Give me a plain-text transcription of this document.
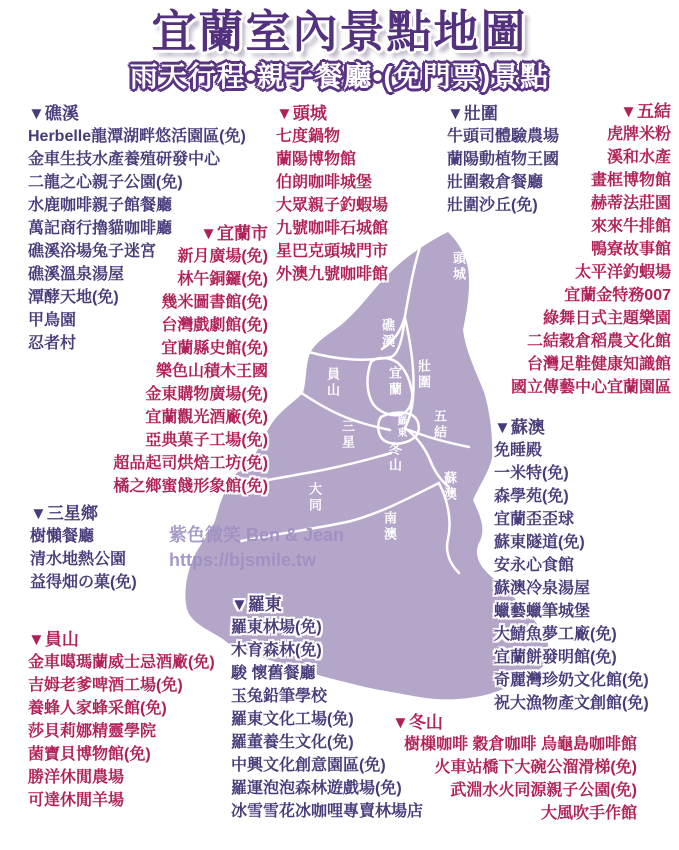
頭城
礁溪
員山	宜蘭 壯圍
五結
三星	羅東
冬山
蘇澳
大同
南澳
宜蘭室內景點地圖
雨天行程•親子餐廳•(免門票)景點
▼礁溪
Herbelle龍潭湖畔悠活園區(免)
金車生技水產養殖研發中心
二龍之心親子公園(免)
水鹿咖啡親子館餐廳
萬記商行擼貓咖啡廳
礁溪浴場兔子迷宮
礁溪溫泉湯屋
潭酵天地(免)
甲鳥園
忍者村
▼頭城
七度鍋物
蘭陽博物館
伯朗咖啡城堡
大眾親子釣蝦場
九號咖啡石城館
星巴克頭城門市
外澳九號咖啡館
▼壯圍
牛頭司體驗農場
蘭陽動植物王國
壯圍穀倉餐廳
壯圍沙丘(免)
▼五結
虎牌米粉
溪和水產
畫框博物館
赫蒂法莊園
來來牛排館
鴨寮故事館
太平洋釣蝦場
宜蘭金特務007
綠舞日式主題樂園
二結穀倉稻農文化館
台灣足鞋健康知識館
國立傳藝中心宜蘭園區
▼宜蘭市
新月廣場(免)
林午銅鑼(免)
幾米圖書館(免)
台灣戲劇館(免)
宜蘭縣史館(免)
樂色山積木王國
金東購物廣場(免)
宜蘭觀光酒廠(免)
亞典菓子工場(免)
超品起司烘焙工坊(免)
橘之鄉蜜餞形象館(免)
▼蘇澳
免睡殿
一米特(免)
森學苑(免)
宜蘭歪歪球
蘇東隧道(免)
安永心食館
蘇澳冷泉湯屋
蠟藝蠟筆城堡
大鯖魚夢工廠(免)
宜蘭餅發明館(免)
奇麗灣珍奶文化館(免)
祝大漁物產文創館(免)
▼三星鄉
樹懶餐廳
清水地熱公園
益得畑の菓(免)
▼員山
金車噶瑪蘭威士忌酒廠(免)
吉姆老爹啤酒工場(免)
養蜂人家蜂采館(免)
莎貝莉娜精靈學院
菌寶貝博物館(免)
勝洋休閒農場
可達休閒羊場
▼羅東
羅東林場(免)
木育森林(免)
駿 懷舊餐廳
玉兔鉛筆學校
羅東文化工場(免)
羅董養生文化(免)
中興文化創意園區(免)
羅運泡泡森林遊戲場(免)
冰雪雪花冰咖哩專賣林場店
▼冬山
樹樔咖啡 穀倉咖啡 烏龜島咖啡館
火車站橋下大碗公溜滑梯(免)
武淵水火同源親子公園(免)
大風吹手作館
紫色微笑 Ben & Jean
https://bjsmile.tw
